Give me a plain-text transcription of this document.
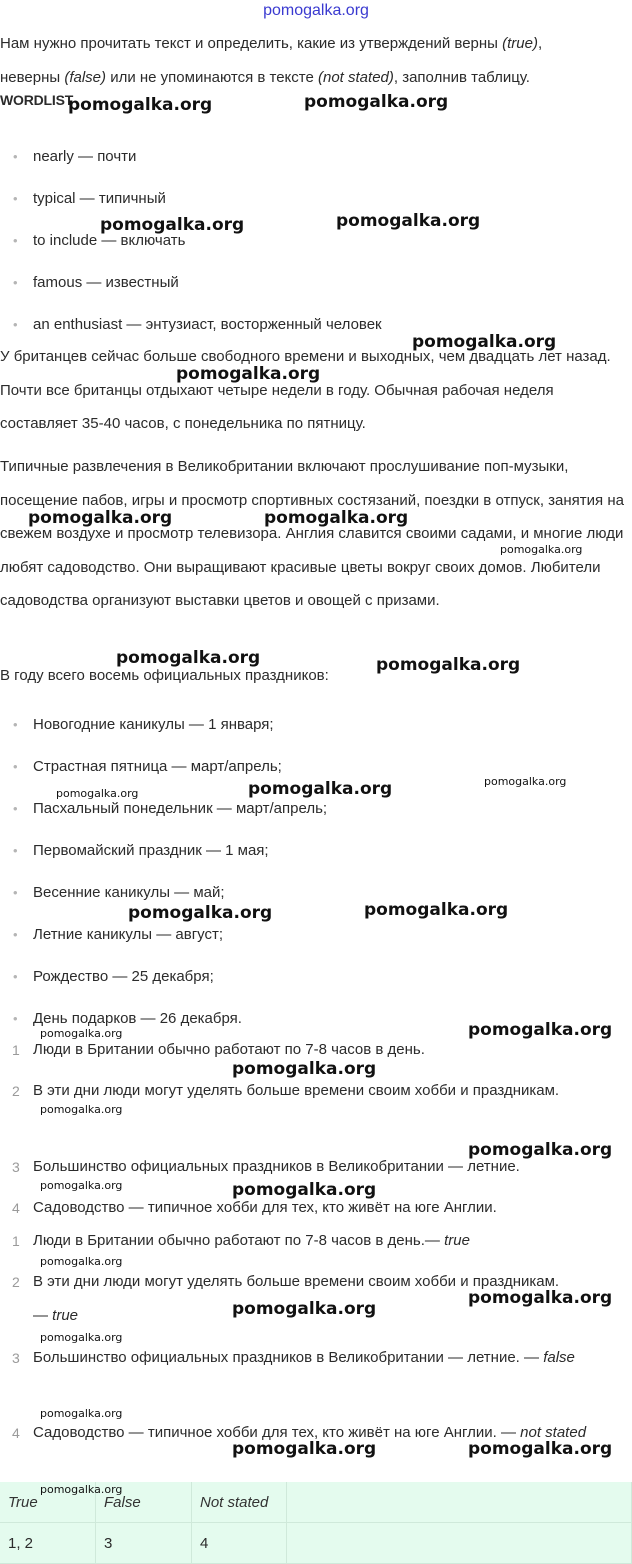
pomogalka.org
Нам нужно прочитать текст и определить, какие из утверждений верны (true),
неверны (false) или не упоминаются в тексте (not stated), заполнив таблицу.
WORDLIST
• nearly — почти
• typical — типичный
• to include — включать
• famous — известный
• an enthusiast — энтузиаст, восторженный человек
У британцев сейчас больше свободного времени и выходных, чем двадцать лет назад. Почти все британцы отдыхают четыре недели в году. Обычная рабочая неделя составляет 35-40 часов, с понедельника по пятницу.
Типичные развлечения в Великобритании включают прослушивание поп-музыки, посещение пабов, игры и просмотр спортивных состязаний, поездки в отпуск, занятия на свежем воздухе и просмотр телевизора. Англия славится своими садами, и многие люди любят садоводство. Они выращивают красивые цветы вокруг своих домов. Любители садоводства организуют выставки цветов и овощей с призами.
В году всего восемь официальных праздников:
• Новогодние каникулы — 1 января;
• Страстная пятница — март/апрель;
• Пасхальный понедельник — март/апрель;
• Первомайский праздник — 1 мая;
• Весенние каникулы — май;
• Летние каникулы — август;
• Рождество — 25 декабря;
• День подарков — 26 декабря.
1 Люди в Британии обычно работают по 7-8 часов в день.
2 В эти дни люди могут уделять больше времени своим хобби и праздникам.
3 Большинство официальных праздников в Великобритании — летние.
4 Садоводство — типичное хобби для тех, кто живёт на юге Англии.
1 Люди в Британии обычно работают по 7-8 часов в день.— true
2 В эти дни люди могут уделять больше времени своим хобби и праздникам. — true
3 Большинство официальных праздников в Великобритании — летние. — false
4 Садоводство — типичное хобби для тех, кто живёт на юге Англии. — not stated
True	False	Not stated	
1, 2	3	4	
pomogalka.org	pomogalka.org
pomogalka.org	pomogalka.org
pomogalka.org
pomogalka.org
pomogalka.org	pomogalka.org
pomogalka.org
pomogalka.org	pomogalka.org
pomogalka.org
pomogalka.org	pomogalka.org
pomogalka.org	pomogalka.org
pomogalka.org	pomogalka.org
pomogalka.org
pomogalka.org
pomogalka.org
pomogalka.org	pomogalka.org
pomogalka.org
pomogalka.org
pomogalka.org
pomogalka.org
pomogalka.org
pomogalka.org	pomogalka.org
pomogalka.org
